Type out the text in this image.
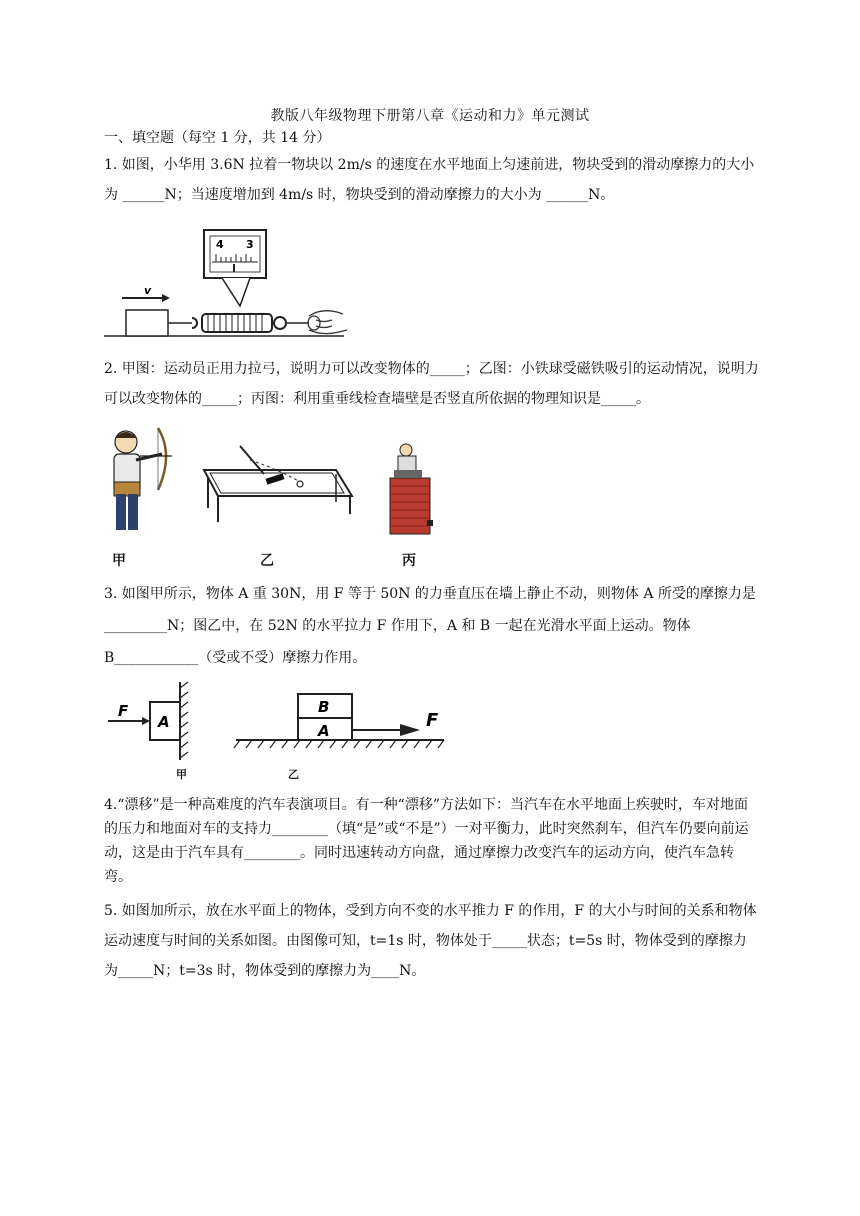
教版八年级物理下册第八章《运动和力》单元测试
一、填空题（每空 1 分，共 14 分）
1. 如图，小华用 3.6N 拉着一物块以 2m/s 的速度在水平地面上匀速前进，物块受到的滑动摩擦力的大小为 ______N；当速度增加到 4m/s 时，物块受到的滑动摩擦力的大小为 ______N。
4 3
v
2. 甲图：运动员正用力拉弓，说明力可以改变物体的_____；乙图：小铁球受磁铁吸引的运动情况，说明力可以改变物体的_____；丙图：利用重垂线检查墙壁是否竖直所依据的物理知识是_____。
甲	乙	丙
3. 如图甲所示，物体 A 重 30N，用 F 等于 50N 的力垂直压在墙上静止不动，则物体 A 所受的摩擦力是_________N；图乙中，在 52N 的水平拉力 F 作用下，A 和 B 一起在光滑水平面上运动。物体B____________（受或不受）摩擦力作用。
A
F
A
B
F
甲	乙
4.“漂移”是一种高难度的汽车表演项目。有一种“漂移”方法如下：当汽车在水平地面上疾驶时，车对地面的压力和地面对车的支持力________（填“是”或“不是”）一对平衡力，此时突然刹车，但汽车仍要向前运动，这是由于汽车具有________。同时迅速转动方向盘，通过摩擦力改变汽车的运动方向，使汽车急转弯。
5. 如图加所示，放在水平面上的物体，受到方向不变的水平推力 F 的作用，F 的大小与时间的关系和物体运动速度与时间的关系如图。由图像可知，t=1s 时，物体处于_____状态；t=5s 时，物体受到的摩擦力为_____N；t=3s 时，物体受到的摩擦力为____N。
